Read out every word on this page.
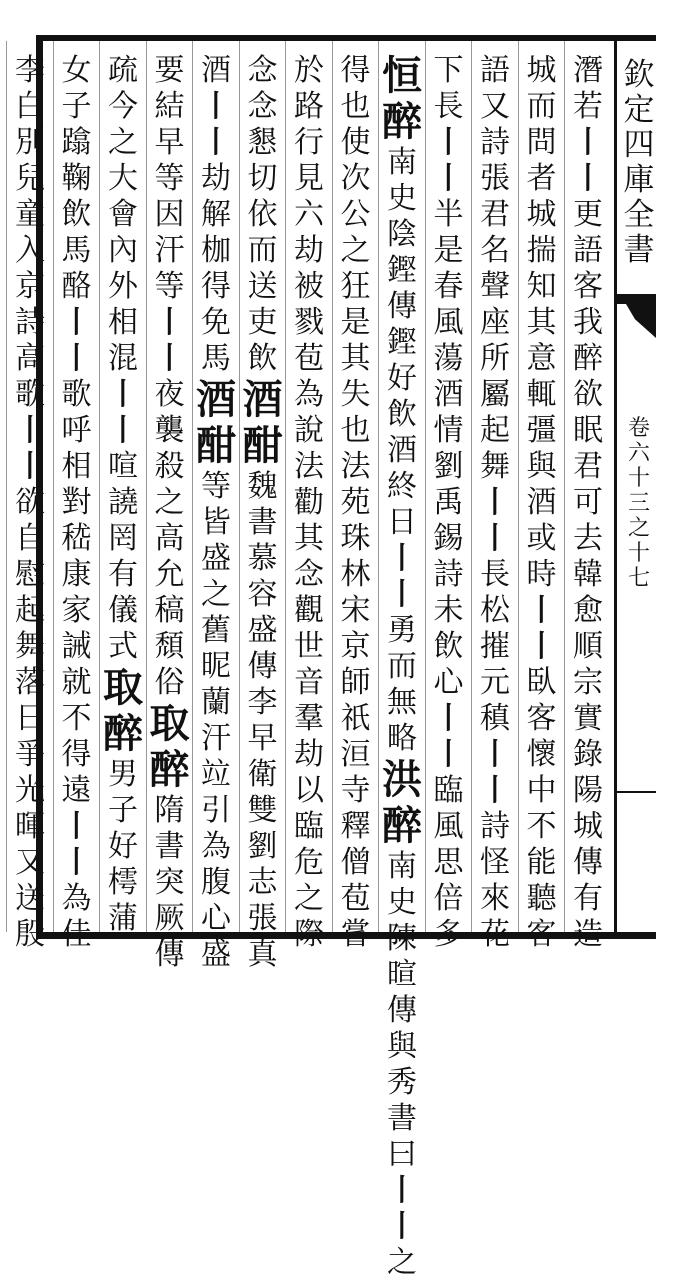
欽
定
四
庫
全
書
卷
六
十
三
之
十
七
潛
若
丨
丨
更
語
客
我
醉
欲
眠
君
可
去
韓
愈
順
宗
實
錄
陽
城
傳
有
造
城
而
問
者
城
揣
知
其
意
輒
彊
與
酒
或
時
丨
丨
臥
客
懷
中
不
能
聽
客
語
又
詩
張
君
名
聲
座
所
屬
起
舞
丨
丨
長
松
摧
元
稹
丨
丨
詩
怪
來
花
下
長
丨
丨
半
是
春
風
蕩
酒
情
劉
禹
錫
詩
未
飲
心
丨
丨
臨
風
思
倍
多
恒
醉
南
史
陰
鏗
傳
鏗
好
飲
酒
終
日
丨
丨
勇
而
無
略
洪
醉
南
史
陳
暄
傳
與
秀
書
曰
丨
丨
之
得
也
使
次
公
之
狂
是
其
失
也
法
苑
珠
林
宋
京
師
祇
洹
寺
釋
僧
苞
嘗
於
路
行
見
六
劫
被
戮
苞
為
說
法
勸
其
念
觀
世
音
羣
劫
以
臨
危
之
際
念
念
懇
切
依
而
送
吏
飲
酒
酣
魏
書
慕
容
盛
傳
李
早
衛
雙
劉
志
張
真
酒
丨
丨
劫
解
枷
得
免
馬
酒
酣
等
皆
盛
之
舊
昵
蘭
汗
竝
引
為
腹
心
盛
要
結
早
等
因
汗
等
丨
丨
夜
襲
殺
之
高
允
稿
頹
俗
取
醉
隋
書
突
厥
傳
疏
今
之
大
會
內
外
相
混
丨
丨
喧
譊
罔
有
儀
式
取
醉
男
子
好
樗
蒲
女
子
蹹
鞠
飲
馬
酪
丨
丨
歌
呼
相
對
嵇
康
家
誡
就
不
得
遠
丨
丨
為
佳
李
白
別
兒
童
入
京
詩
高
歌
丨
丨
欲
自
慰
起
舞
落
日
爭
光
暉
又
送
殷
